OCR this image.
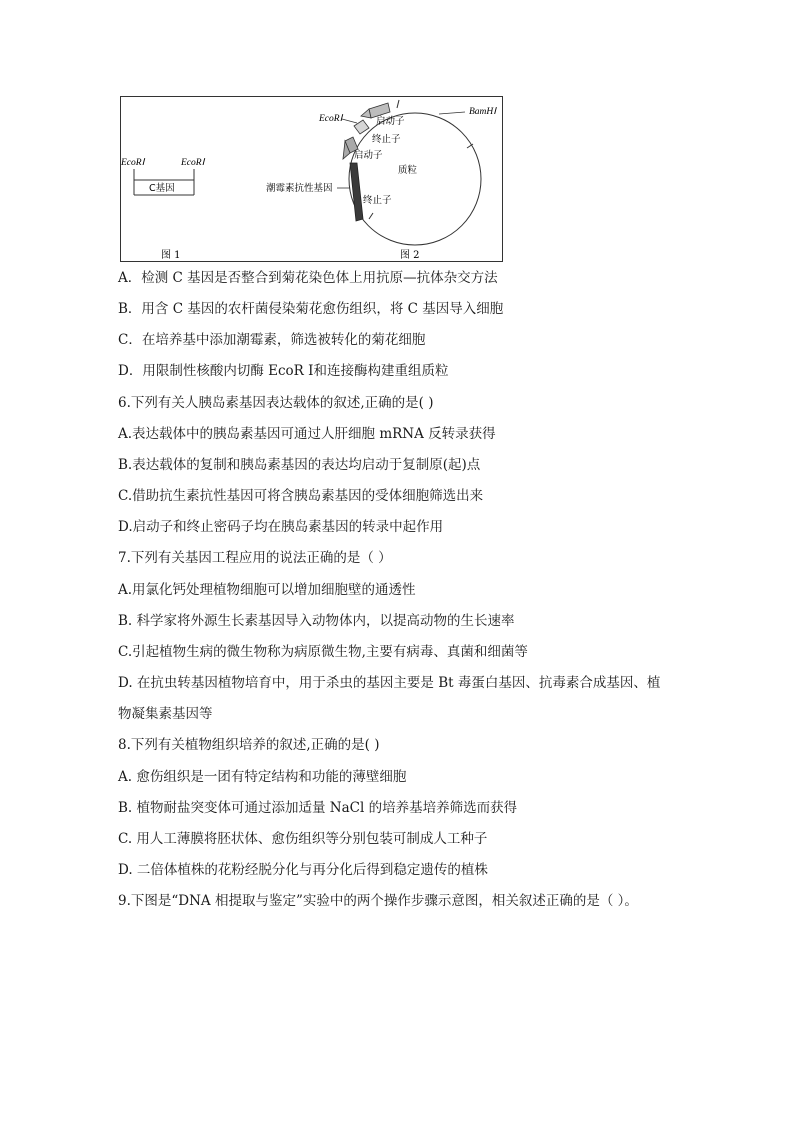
EcoRⅠ	EcoRⅠ
C基因
图 1
EcoRⅠ
BamHⅠ
启动子
终止子
启动子
质粒
潮霉素抗性基因
终止子
图 2
A．检测 C 基因是否整合到菊花染色体上用抗原—抗体杂交方法
B．用含 C 基因的农杆菌侵染菊花愈伤组织，将 C 基因导入细胞
C．在培养基中添加潮霉素，筛选被转化的菊花细胞
D．用限制性核酸内切酶 EcoR Ⅰ和连接酶构建重组质粒
6.下列有关人胰岛素基因表达载体的叙述,正确的是( )
A.表达载体中的胰岛素基因可通过人肝细胞 mRNA 反转录获得
B.表达载体的复制和胰岛素基因的表达均启动于复制原(起)点
C.借助抗生素抗性基因可将含胰岛素基因的受体细胞筛选出来
D.启动子和终止密码子均在胰岛素基因的转录中起作用
7.下列有关基因工程应用的说法正确的是（ ）
A.用氯化钙处理植物细胞可以增加细胞壁的通透性
B. 科学家将外源生长素基因导入动物体内，以提高动物的生长速率
C.引起植物生病的微生物称为病原微生物,主要有病毒、真菌和细菌等
D. 在抗虫转基因植物培育中，用于杀虫的基因主要是 Bt 毒蛋白基因、抗毒素合成基因、植
物凝集素基因等
8.下列有关植物组织培养的叙述,正确的是( )
A. 愈伤组织是一团有特定结构和功能的薄壁细胞
B. 植物耐盐突变体可通过添加适量 NaCl 的培养基培养筛选而获得
C. 用人工薄膜将胚状体、愈伤组织等分别包装可制成人工种子
D. 二倍体植株的花粉经脱分化与再分化后得到稳定遗传的植株
9.下图是“DNA 相提取与鉴定”实验中的两个操作步骤示意图，相关叙述正确的是（ ）。
